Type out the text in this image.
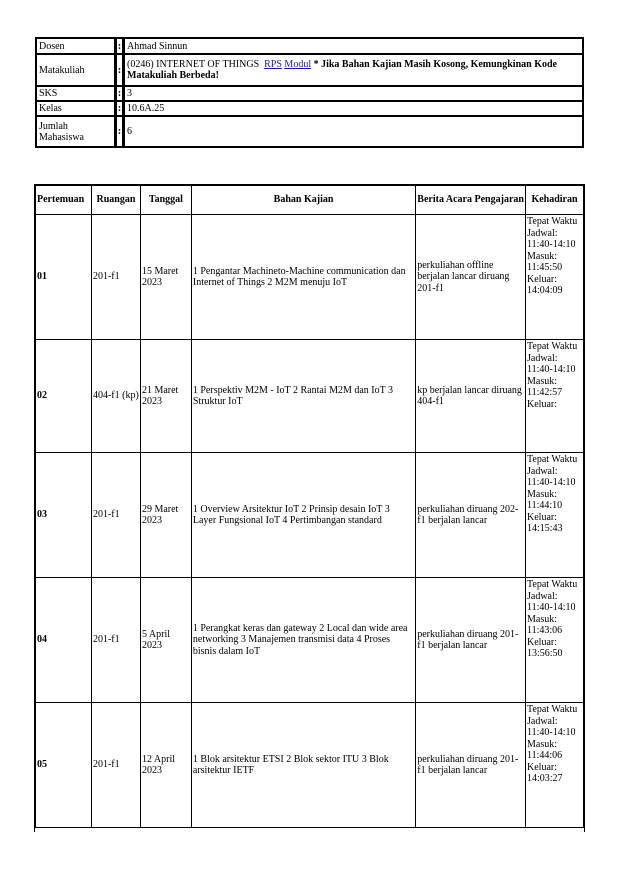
Dosen	:	Ahmad Sinnun
Matakuliah	:	(0246) INTERNET OF THINGS RPS Modul * Jika Bahan Kajian Masih Kosong, Kemungkinan Kode Matakuliah Berbeda!
SKS	:	3
Kelas	:	10.6A.25
Jumlah Mahasiswa	:	6
Pertemuan	Ruangan	Tanggal	Bahan Kajian	Berita Acara Pengajaran	Kehadiran
01	201-f1	15 Maret 2023	1 Pengantar Machineto-Machine communication dan Internet of Things 2 M2M menuju IoT	perkuliahan offline berjalan lancar diruang 201-f1	Tepat Waktu Jadwal: 11:40-14:10 Masuk: 11:45:50 Keluar: 14:04:09
02	404-f1 (kp)	21 Maret 2023	1 Perspektiv M2M - IoT 2 Rantai M2M dan IoT 3 Struktur IoT	kp berjalan lancar diruang 404-f1	Tepat Waktu Jadwal: 11:40-14:10 Masuk: 11:42:57 Keluar:
03	201-f1	29 Maret 2023	1 Overview Arsitektur IoT 2 Prinsip desain IoT 3 Layer Fungsional IoT 4 Pertimbangan standard	perkuliahan diruang 202-f1 berjalan lancar	Tepat Waktu Jadwal: 11:40-14:10 Masuk: 11:44:10 Keluar: 14:15:43
04	201-f1	5 April 2023	1 Perangkat keras dan gateway 2 Local dan wide area networking 3 Manajemen transmisi data 4 Proses bisnis dalam IoT	perkuliahan diruang 201-f1 berjalan lancar	Tepat Waktu Jadwal: 11:40-14:10 Masuk: 11:43:06 Keluar: 13:56:50
05	201-f1	12 April 2023	1 Blok arsitektur ETSI 2 Blok sektor ITU 3 Blok arsitektur IETF	perkuliahan diruang 201-f1 berjalan lancar	Tepat Waktu Jadwal: 11:40-14:10 Masuk: 11:44:06 Keluar: 14:03:27
